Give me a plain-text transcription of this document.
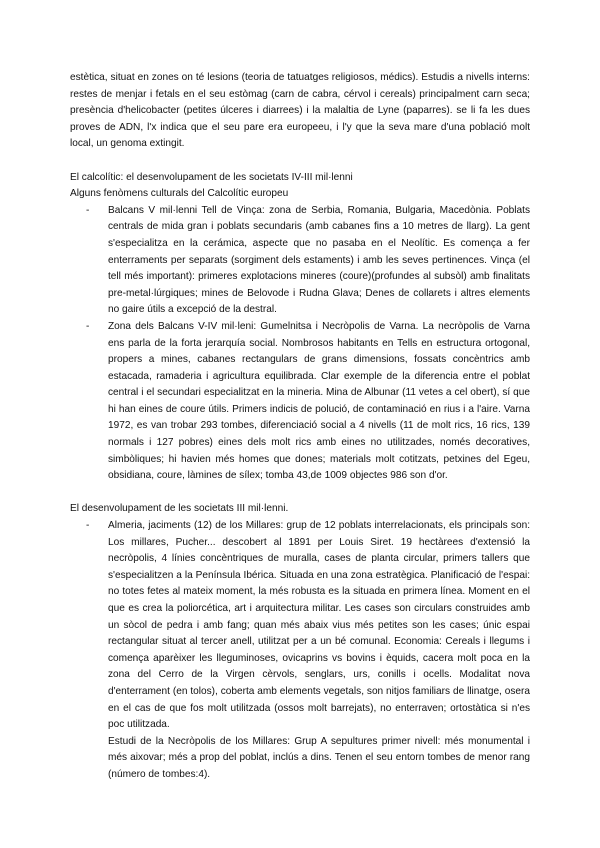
estètica, situat en zones on té lesions (teoria de tatuatges religiosos, médics). Estudis a nivells interns: restes de menjar i fetals en el seu estòmag (carn de cabra, cérvol i cereals) principalment carn seca; presència d'helicobacter (petites úlceres i diarrees) i la malaltia de Lyne (paparres). se li fa les dues proves de ADN, l'x indica que el seu pare era europeeu, i l'y que la seva mare d'una població molt local, un genoma extingit.

El calcolític: el desenvolupament de les societats IV-III mil·lenni

Alguns fenòmens culturals del Calcolític europeu

- Balcans V mil·lenni Tell de Vinça: zona de Serbia, Romania, Bulgaria, Macedònia. Poblats centrals de mida gran i poblats secundaris (amb cabanes fins a 10 metres de llarg). La gent s'especialitza en la cerámica, aspecte que no pasaba en el Neolític. Es comença a fer enterraments per separats (sorgiment dels estaments) i amb les seves pertinences. Vinça (el tell més important): primeres explotacions mineres (coure)(profundes al subsòl) amb finalitats pre-metal·lúrgiques; mines de Belovode i Rudna Glava; Denes de collarets i altres elements no gaire útils a excepció de la destral.
- Zona dels Balcans V-IV mil·leni: Gumelnitsa i Necròpolis de Varna. La necròpolis de Varna ens parla de la forta jerarquía social. Nombrosos habitants en Tells en estructura ortogonal, propers a mines, cabanes rectangulars de grans dimensions, fossats concèntrics amb estacada, ramaderia i agricultura equilibrada. Clar exemple de la diferencia entre el poblat central i el secundari especialitzat en la mineria. Mina de Albunar (11 vetes a cel obert), sí que hi han eines de coure útils. Primers indicis de polució, de contaminació en rius i a l'aire. Varna 1972, es van trobar 293 tombes, diferenciació social a 4 nivells (11 de molt rics, 16 rics, 139 normals i 127 pobres) eines dels molt rics amb eines no utilitzades, només decoratives, simbòliques; hi havien més homes que dones; materials molt cotitzats, petxines del Egeu, obsidiana, coure, làmines de sílex; tomba 43,de 1009 objectes 986 son d'or.

El desenvolupament de les societats III mil·lenni.

- Almeria, jaciments (12) de los Millares: grup de 12 poblats interrelacionats, els principals son: Los millares, Pucher... descobert al 1891 per Louis Siret. 19 hectàrees d'extensió la necròpolis, 4 línies concèntriques de muralla, cases de planta circular, primers tallers que s'especialitzen a la Península Ibérica. Situada en una zona estratègica. Planificació de l'espai: no totes fetes al mateix moment, la més robusta es la situada en primera línea. Moment en el que es crea la poliorcética, art i arquitectura militar. Les cases son circulars construides amb un sòcol de pedra i amb fang; quan més abaix vius més petites son les cases; únic espai rectangular situat al tercer anell, utilitzat per a un bé comunal. Economia: Cereals i llegums i comença aparèixer les lleguminoses, ovicaprins vs bovins i èquids, cacera molt poca en la zona del Cerro de la Virgen cèrvols, senglars, urs, conills i ocells. Modalitat nova d'enterrament (en tolos), coberta amb elements vegetals, son nitjos familiars de llinatge, osera en el cas de que fos molt utilitzada (ossos molt barrejats), no enterraven; ortostàtica si n'es poc utilitzada.

Estudi de la Necròpolis de los Millares: Grup A sepultures primer nivell: més monumental i més aixovar; més a prop del poblat, inclús a dins. Tenen el seu entorn tombes de menor rang (número de tombes:4).
